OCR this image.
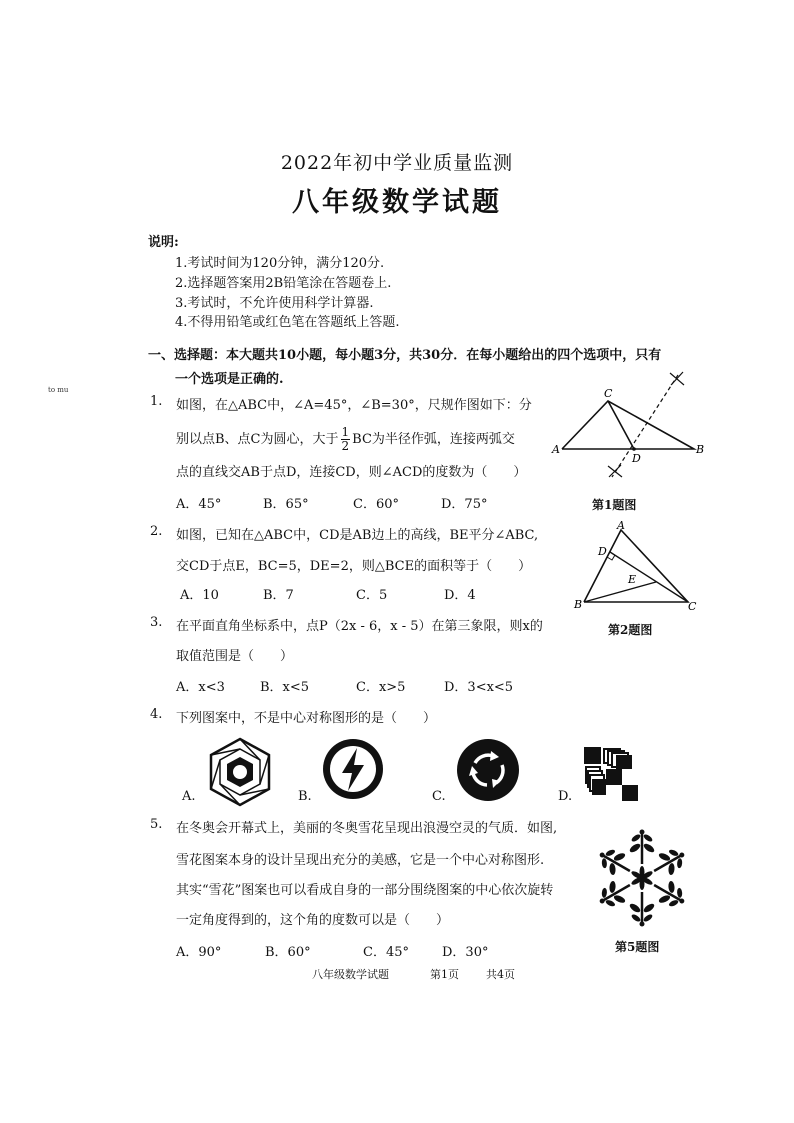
2022年初中学业质量监测
八年级数学试题
说明:
1.考试时间为120分钟，满分120分.
2.选择题答案用2B铅笔涂在答题卷上.
3.考试时，不允许使用科学计算器.
4.不得用铅笔或红色笔在答题纸上答题.
to mu
一、选择题：本大题共10小题，每小题3分，共30分．在每小题给出的四个选项中，只有
一个选项是正确的.
1. 如图，在△ABC中，∠A=45°，∠B=30°，尺规作图如下：分
别以点B、点C为圆心，大于 $\frac{1}{2}$ BC为半径作弧，连接两弧交
点的直线交AB于点D，连接CD，则∠ACD的度数为（　　）
A．45°	B．65°	C．60°	D．75°
A
C
B
D
第1题图
2. 如图，已知在△ABC中，CD是AB边上的高线，BE平分∠ABC,
交CD于点E，BC=5，DE=2，则△BCE的面积等于（　　）
A．10	B．7	C．5	D．4
A
D
E
B	C
第2题图
3. 在平面直角坐标系中，点P（2x - 6，x - 5）在第三象限，则x的
取值范围是（　　）
A．x<3	B．x<5	C．x>5	D．3<x<5
4. 下列图案中，不是中心对称图形的是（　　）
A.	B.	C.	D.
5. 在冬奥会开幕式上，美丽的冬奥雪花呈现出浪漫空灵的气质．如图,
雪花图案本身的设计呈现出充分的美感，它是一个中心对称图形.
其实“雪花”图案也可以看成自身的一部分围绕图案的中心依次旋转
一定角度得到的，这个角的度数可以是（　　）
A．90°	B．60°	C．45°	D．30°	第5题图
八年级数学试题	第1页 共4页
